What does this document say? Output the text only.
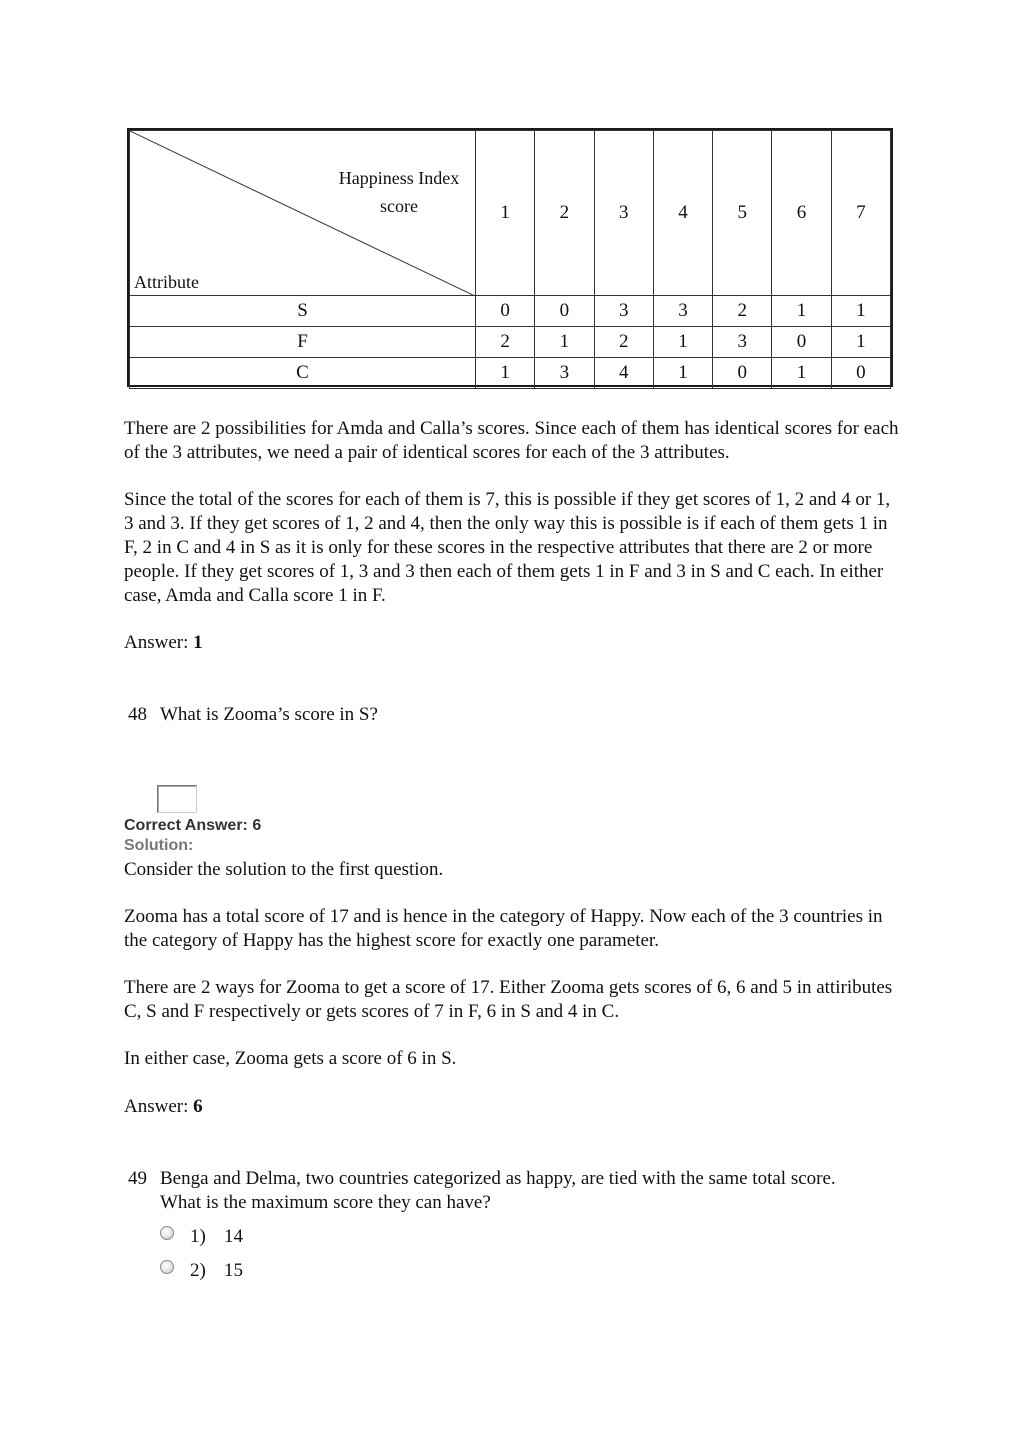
Happiness Index score
Attribute	1	2	3	4	5	6	7
S	0	0	3	3	2	1	1
F	2	1	2	1	3	0	1
C	1	3	4	1	0	1	0

There are 2 possibilities for Amda and Calla’s scores. Since each of them has identical scores for each of the 3 attributes, we need a pair of identical scores for each of the 3 attributes.

Since the total of the scores for each of them is 7, this is possible if they get scores of 1, 2 and 4 or 1, 3 and 3. If they get scores of 1, 2 and 4, then the only way this is possible is if each of them gets 1 in F, 2 in C and 4 in S as it is only for these scores in the respective attributes that there are 2 or more people. If they get scores of 1, 3 and 3 then each of them gets 1 in F and 3 in S and C each. In either case, Amda and Calla score 1 in F.

Answer: 1

48 What is Zooma’s score in S?

Correct Answer: 6
Solution:

Consider the solution to the first question.

Zooma has a total score of 17 and is hence in the category of Happy. Now each of the 3 countries in the category of Happy has the highest score for exactly one parameter.

There are 2 ways for Zooma to get a score of 17. Either Zooma gets scores of 6, 6 and 5 in attiributes C, S and F respectively or gets scores of 7 in F, 6 in S and 4 in C.

In either case, Zooma gets a score of 6 in S.

Answer: 6

49 Benga and Delma, two countries categorized as happy, are tied with the same total score. What is the maximum score they can have?

1) 14
2) 15
